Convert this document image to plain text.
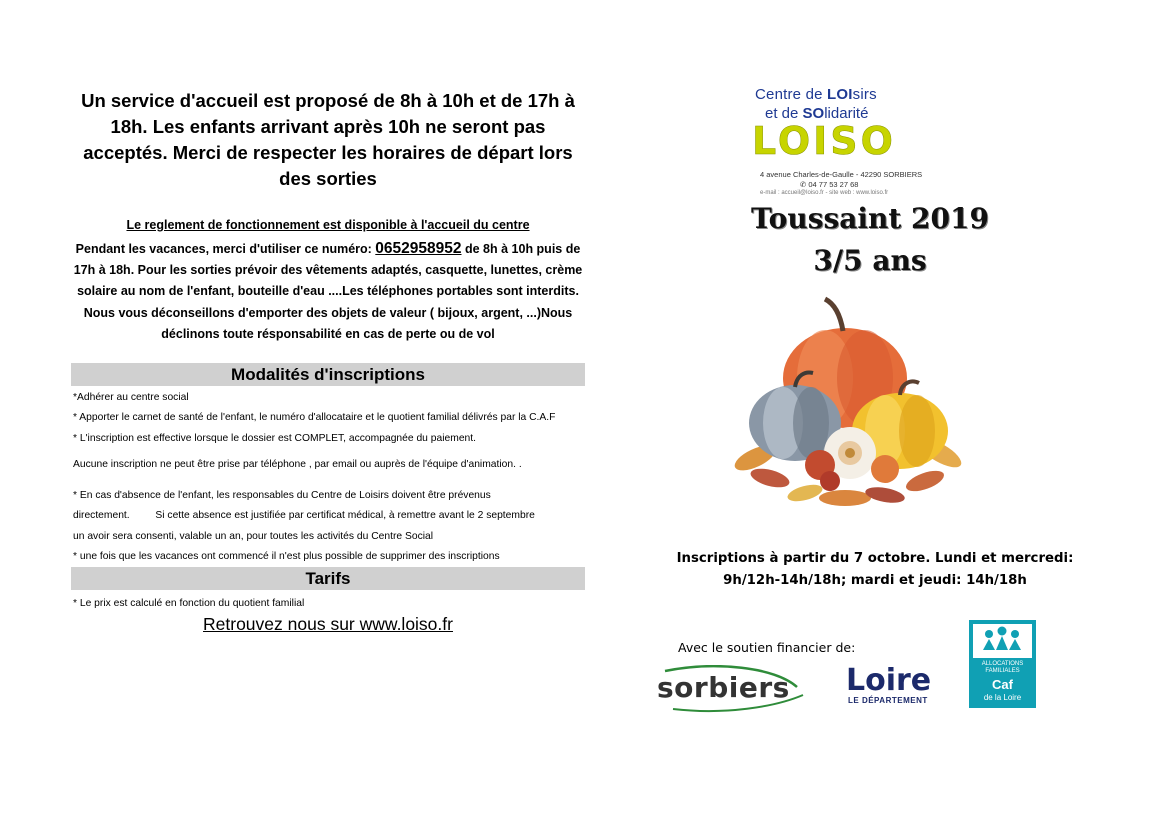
Un service d'accueil est proposé de 8h à 10h et de 17h à 18h. Les enfants arrivant après 10h ne seront pas acceptés. Merci de respecter les horaires de départ lors des sorties
Le reglement de fonctionnement est disponible à l'accueil du centre
Pendant les vacances, merci d'utiliser ce numéro: 0652958952 de 8h à 10h puis de 17h à 18h. Pour les sorties prévoir des vêtements adaptés, casquette, lunettes, crème solaire au nom de l'enfant, bouteille d'eau ....Les téléphones portables sont interdits. Nous vous déconseillons d'emporter des objets de valeur ( bijoux, argent, ...)Nous déclinons toute résponsabilité en cas de perte ou de vol
Modalités d'inscriptions
*Adhérer au centre social
* Apporter le carnet de santé de l'enfant, le numéro d'allocataire et le quotient familial délivrés par la C.A.F
* L'inscription est effective lorsque le dossier est COMPLET, accompagnée du paiement.
Aucune inscription ne peut être prise par téléphone , par email ou auprès de l'équipe d'animation. .
* En cas d'absence de l'enfant, les responsables du Centre de Loisirs doivent être prévenus
directement.         Si cette absence est justifiée par certificat médical, à remettre avant le 2 septembre
un avoir sera consenti, valable un an, pour toutes les activités du Centre Social
* une fois que les vacances ont commencé il n'est plus possible de supprimer des inscriptions
Tarifs
* Le prix est calculé en fonction du quotient familial
Retrouvez nous sur www.loiso.fr
Centre de LOIsirs
et de SOlidarité
LOISO
4 avenue Charles-de-Gaulle - 42290 SORBIERS
✆ 04 77 53 27 68
e-mail : accueil@loiso.fr - site web : www.loiso.fr
Toussaint 2019
3/5 ans
Inscriptions à partir du 7 octobre. Lundi et mercredi: 9h/12h-14h/18h; mardi et jeudi: 14h/18h
Avec le soutien financier de:
sorbiers Loire
LE DÉPARTEMENT
ALLOCATIONS
FAMILIALES
Caf
de la Loire
